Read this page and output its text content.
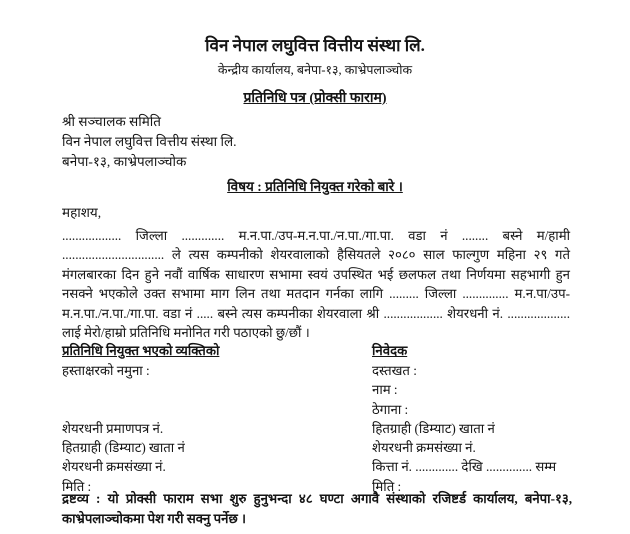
विन नेपाल लघुवित्त वित्तीय संस्था लि.
केन्द्रीय कार्यालय, बनेपा-१३, काभ्रेपलाञ्चोक
प्रतिनिधि पत्र (प्रोक्सी फाराम)
श्री सञ्चालक समिति
विन नेपाल लघुवित्त वित्तीय संस्था लि.
बनेपा-१३, काभ्रेपलाञ्चोक
विषय : प्रतिनिधि नियुक्त गरेको बारे ।
महाशय,
.................. जिल्ला ............. म.न.पा./उप-म.न.पा./न.पा./गा.पा. वडा नं ........ बस्ने म/हामी ............................... ले त्यस कम्पनीको शेयरवालाको हैसियतले २०८० साल फाल्गुण महिना २९ गते मंगलबारका दिन हुने नवौं वार्षिक साधारण सभामा स्वयं उपस्थित भई छलफल तथा निर्णयमा सहभागी हुन नसक्ने भएकोले उक्त सभामा माग लिन तथा मतदान गर्नका लागि ......... जिल्ला .............. म.न.पा/उप-म.न.पा./न.पा./गा.पा. वडा नं ..... बस्ने त्यस कम्पनीका शेयरवाला श्री .................. शेयरधनी नं. ................... लाई मेरो/हाम्रो प्रतिनिधि मनोनित गरी पठाएको छु/छौं ।
प्रतिनिधि नियुक्त भएको व्यक्तिको
हस्ताक्षरको नमुना :
शेयरधनी प्रमाणपत्र नं.
हितग्राही (डिम्याट) खाता नं
शेयरधनी क्रमसंख्या नं.
मिति :
निवेदक
दस्तखत :
नाम :
ठेगाना :
हितग्राही (डिम्याट) खाता नं
शेयरधनी क्रमसंख्या नं.
कित्ता नं. ............. देखि .............. सम्म
मिति :
द्रष्टव्य : यो प्रोक्सी फाराम सभा शुरु हुनुभन्दा ४८ घण्टा अगावै संस्थाको रजिष्टर्ड कार्यालय, बनेपा-१३, काभ्रेपलाञ्चोकमा पेश गरी सक्नु पर्नेछ ।
